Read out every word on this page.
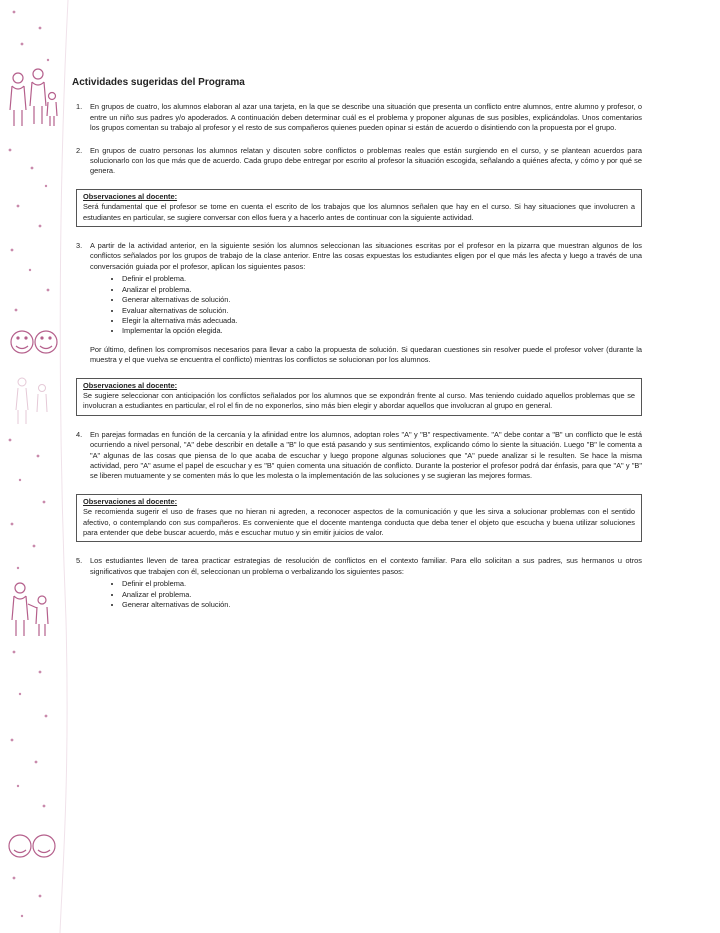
Actividades sugeridas del Programa
1.	En grupos de cuatro, los alumnos elaboran al azar una tarjeta, en la que se describe una situación que presenta un conflicto entre alumnos, entre alumno y profesor, o entre un niño sus padres y/o apoderados. A continuación deben determinar cuál es el problema y proponer algunas de sus posibles, explicándolas. Unos comentarios los grupos comentan su trabajo al profesor y el resto de sus compañeros quienes pueden opinar si están de acuerdo o disintiendo con la propuesta por el grupo.
2.	En grupos de cuatro personas los alumnos relatan y discuten sobre conflictos o problemas reales que están surgiendo en el curso, y se plantean acuerdos para solucionarlo con los que más que de acuerdo. Cada grupo debe entregar por escrito al profesor la situación escogida, señalando a quiénes afecta, y cómo y por qué se genera.
Observaciones al docente:
Será fundamental que el profesor se tome en cuenta el escrito de los trabajos que los alumnos señalen que hay en el curso. Si hay situaciones que involucren a estudiantes en particular, se sugiere conversar con ellos fuera y a hacerlo antes de continuar con la siguiente actividad.
3.	A partir de la actividad anterior, en la siguiente sesión los alumnos seleccionan las situaciones escritas por el profesor en la pizarra que muestran algunos de los conflictos señalados por los grupos de trabajo de la clase anterior. Entre las cosas expuestas los estudiantes eligen por el que más les afecta y luego a través de una conversación guiada por el profesor, aplican los siguientes pasos:
• Definir el problema.
• Analizar el problema.
• Generar alternativas de solución.
• Evaluar alternativas de solución.
• Elegir la alternativa más adecuada.
• Implementar la opción elegida.
Por último, definen los compromisos necesarios para llevar a cabo la propuesta de solución. Si quedaran cuestiones sin resolver puede el profesor volver (durante la muestra y el que vuelva se encuentra el conflicto) mientras los conflictos se solucionan por los alumnos.
Observaciones al docente:
Se sugiere seleccionar con anticipación los conflictos señalados por los alumnos que se expondrán frente al curso. Mas teniendo cuidado aquellos problemas que se involucran a estudiantes en particular, el rol el fin de no exponerlos, sino más bien elegir y abordar aquellos que involucran al grupo en general.
4.	En parejas formadas en función de la cercanía y la afinidad entre los alumnos, adoptan roles "A" y "B" respectivamente. "A" debe contar a "B" un conflicto que le está ocurriendo a nivel personal, "A" debe describir en detalle a "B" lo que está pasando y sus sentimientos, explicando cómo lo siente la situación. Luego "B" le comenta a "A" algunas de las cosas que piensa de lo que acaba de escuchar y luego propone algunas soluciones que "A" puede analizar si le resulten. Se hace la misma actividad, pero "A" asume el papel de escuchar y es "B" quien comenta una situación de conflicto. Durante la posterior el profesor podrá dar énfasis, para que "A" y "B" se liberen mutuamente y se comenten más lo que les molesta o la implementación de las soluciones y se sugieran las mejores formas.
Observaciones al docente:
Se recomienda sugerir el uso de frases que no hieran ni agreden, a reconocer aspectos de la comunicación y que les sirva a solucionar problemas con el sentido afectivo, o contemplando con sus compañeros. Es conveniente que el docente mantenga conducta que deba tener el objeto que escucha y buena utilizar soluciones para entender que debe buscar acuerdo, más e escuchar mutuo y sin emitir juicios de valor.
5.	Los estudiantes lleven de tarea practicar estrategias de resolución de conflictos en el contexto familiar. Para ello solicitan a sus padres, sus hermanos u otros significativos que trabajen con él, seleccionan un problema o verbalizando los siguientes pasos:
• Definir el problema.
• Analizar el problema.
• Generar alternativas de solución.
